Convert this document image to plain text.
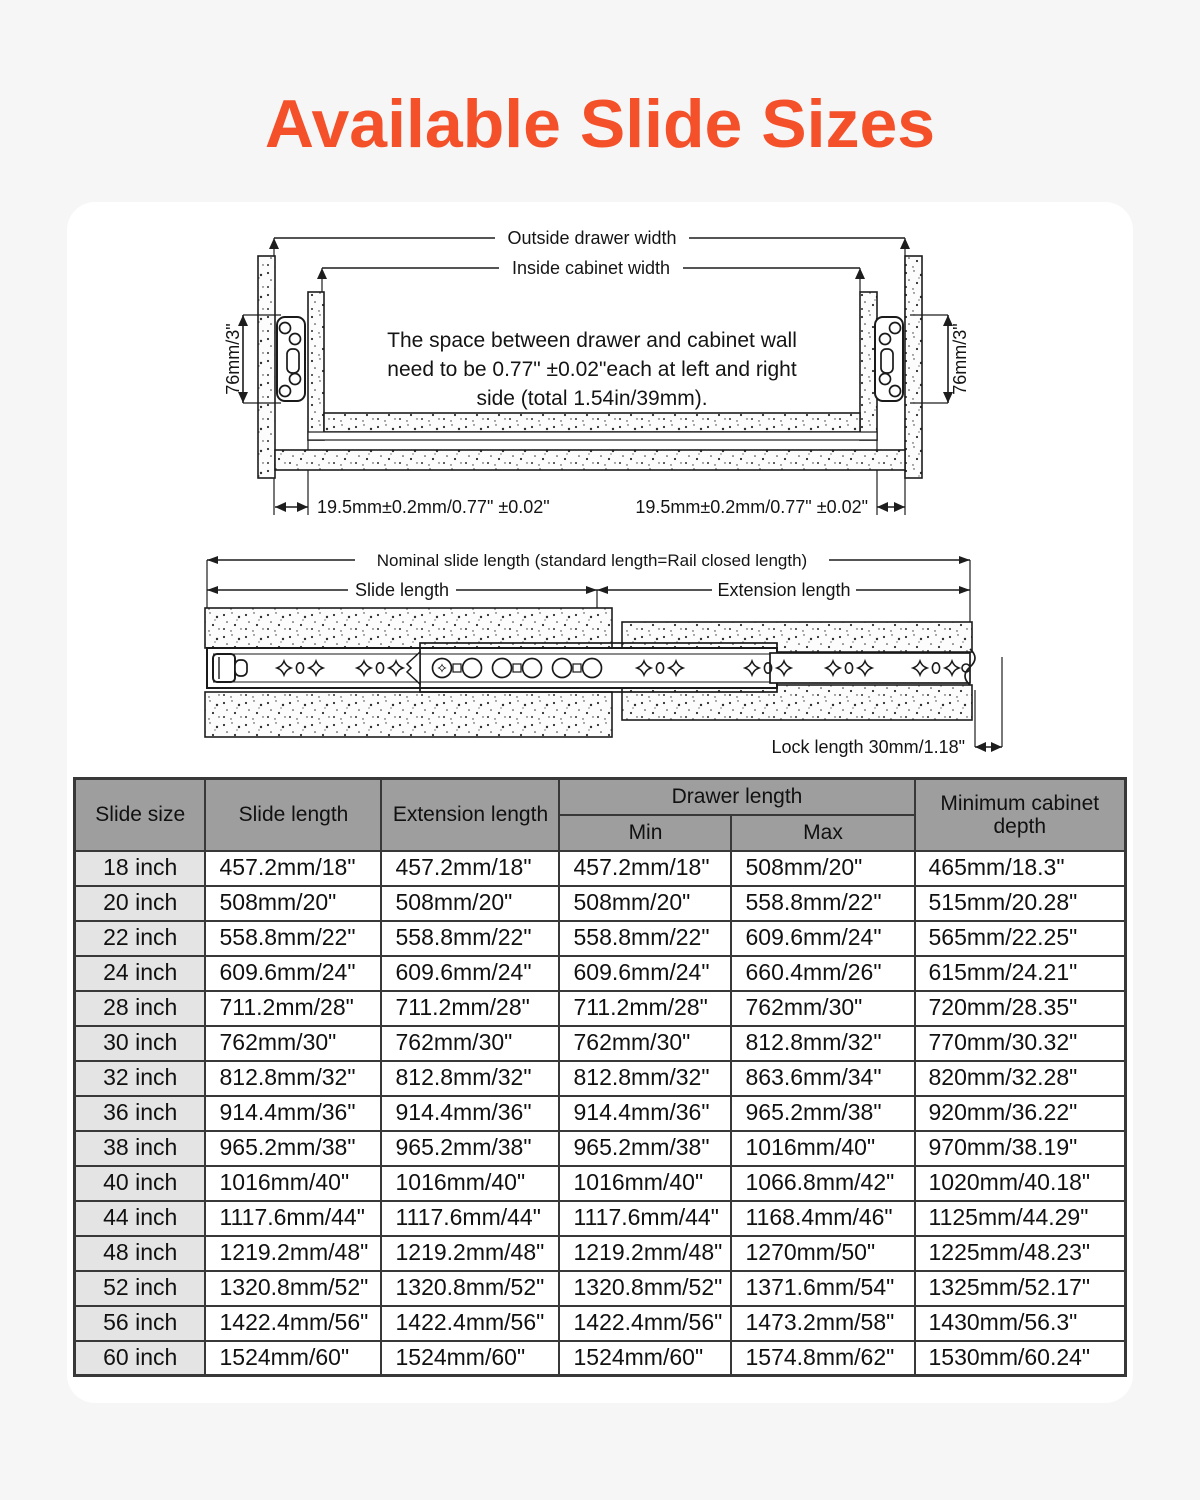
Available Slide Sizes
Outside drawer width
Inside cabinet width
76mm/3"	76mm/3"
The space between drawer and cabinet wall
need to be 0.77" ±0.02"each at left and right
side (total 1.54in/39mm).
19.5mm±0.2mm/0.77" ±0.02"	19.5mm±0.2mm/0.77" ±0.02"
Nominal slide length (standard length=Rail closed length)
Slide length	Extension length
Lock length 30mm/1.18"
Slide size	Slide length	Extension length	Drawer length		Minimum cabinet depth
			Min	Max	
18 inch	457.2mm/18"	457.2mm/18"	457.2mm/18"	508mm/20"	465mm/18.3"
20 inch	508mm/20"	508mm/20"	508mm/20"	558.8mm/22"	515mm/20.28"
22 inch	558.8mm/22"	558.8mm/22"	558.8mm/22"	609.6mm/24"	565mm/22.25"
24 inch	609.6mm/24"	609.6mm/24"	609.6mm/24"	660.4mm/26"	615mm/24.21"
28 inch	711.2mm/28"	711.2mm/28"	711.2mm/28"	762mm/30"	720mm/28.35"
30 inch	762mm/30"	762mm/30"	762mm/30"	812.8mm/32"	770mm/30.32"
32 inch	812.8mm/32"	812.8mm/32"	812.8mm/32"	863.6mm/34"	820mm/32.28"
36 inch	914.4mm/36"	914.4mm/36"	914.4mm/36"	965.2mm/38"	920mm/36.22"
38 inch	965.2mm/38"	965.2mm/38"	965.2mm/38"	1016mm/40"	970mm/38.19"
40 inch	1016mm/40"	1016mm/40"	1016mm/40"	1066.8mm/42"	1020mm/40.18"
44 inch	1117.6mm/44"	1117.6mm/44"	1117.6mm/44"	1168.4mm/46"	1125mm/44.29"
48 inch	1219.2mm/48"	1219.2mm/48"	1219.2mm/48"	1270mm/50"	1225mm/48.23"
52 inch	1320.8mm/52"	1320.8mm/52"	1320.8mm/52"	1371.6mm/54"	1325mm/52.17"
56 inch	1422.4mm/56"	1422.4mm/56"	1422.4mm/56"	1473.2mm/58"	1430mm/56.3"
60 inch	1524mm/60"	1524mm/60"	1524mm/60"	1574.8mm/62"	1530mm/60.24"
